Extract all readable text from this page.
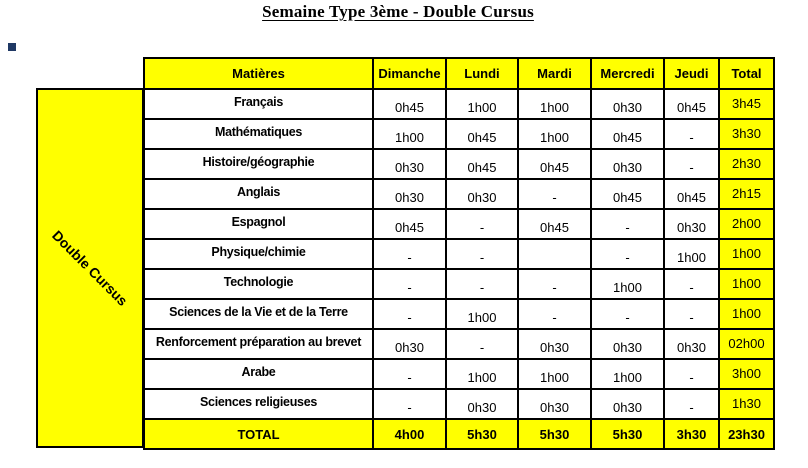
Semaine Type 3ème - Double Cursus
Double Cursus
Matières	Dimanche	Lundi	Mardi	Mercredi	Jeudi	Total
Français	0h45	1h00	1h00	0h30	0h45	3h45
Mathématiques	1h00	0h45	1h00	0h45	-	3h30
Histoire/géographie	0h30	0h45	0h45	0h30	-	2h30
Anglais	0h30	0h30	-	0h45	0h45	2h15
Espagnol	0h45	-	0h45	-	0h30	2h00
Physique/chimie	-	-		-	1h00	1h00
Technologie	-	-	-	1h00	-	1h00
Sciences de la Vie et de la Terre	-	1h00	-	-	-	1h00
Renforcement préparation au brevet	0h30	-	0h30	0h30	0h30	02h00
Arabe	-	1h00	1h00	1h00	-	3h00
Sciences religieuses	-	0h30	0h30	0h30	-	1h30
TOTAL	4h00	5h30	5h30	5h30	3h30	23h30
